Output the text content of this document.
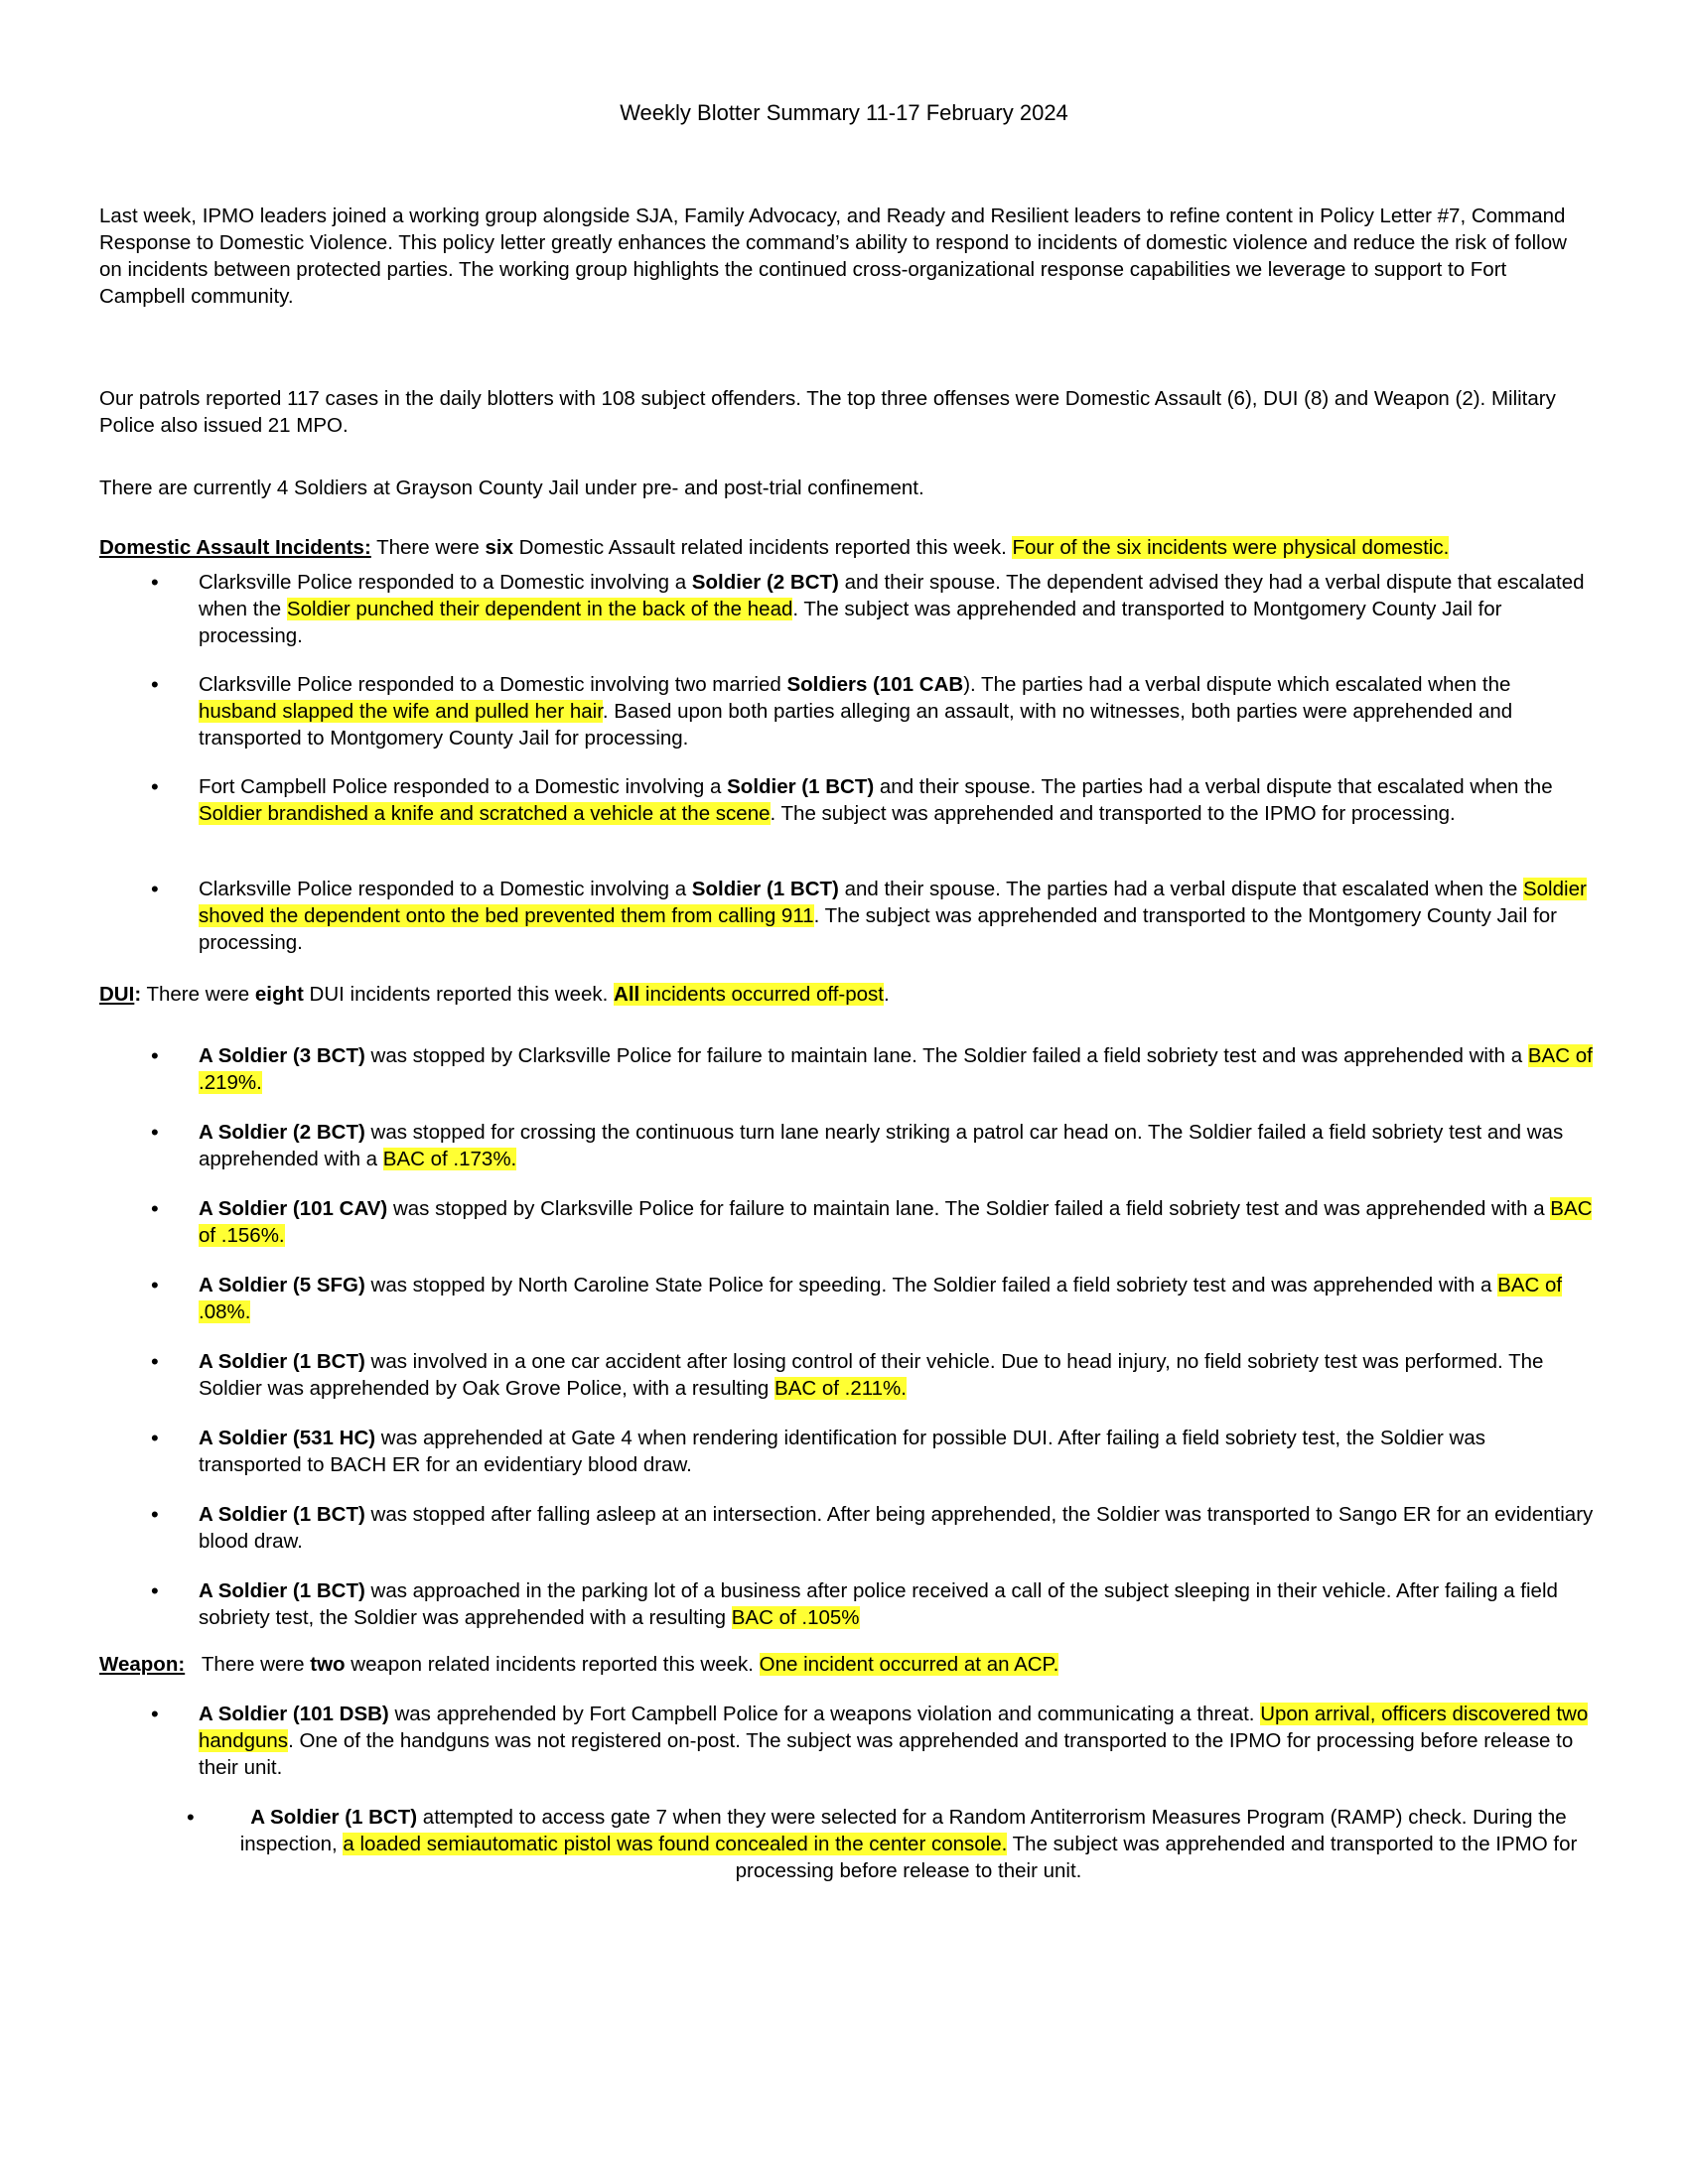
Weekly Blotter Summary 11-17 February 2024

Last week, IPMO leaders joined a working group alongside SJA, Family Advocacy, and Ready and Resilient leaders to refine content in Policy Letter #7, Command Response to Domestic Violence. This policy letter greatly enhances the command’s ability to respond to incidents of domestic violence and reduce the risk of follow on incidents between protected parties. The working group highlights the continued cross-organizational response capabilities we leverage to support to Fort Campbell community.

Our patrols reported 117 cases in the daily blotters with 108 subject offenders. The top three offenses were Domestic Assault (6), DUI (8) and Weapon (2). Military Police also issued 21 MPO.

There are currently 4 Soldiers at Grayson County Jail under pre- and post-trial confinement.

Domestic Assault Incidents: There were six Domestic Assault related incidents reported this week. Four of the six incidents were physical domestic.

•

Clarksville Police responded to a Domestic involving a Soldier (2 BCT) and their spouse. The dependent advised they had a verbal dispute that escalated when the Soldier punched their dependent in the back of the head. The subject was apprehended and transported to Montgomery County Jail for processing.

•

Clarksville Police responded to a Domestic involving two married Soldiers (101 CAB). The parties had a verbal dispute which escalated when the husband slapped the wife and pulled her hair. Based upon both parties alleging an assault, with no witnesses, both parties were apprehended and transported to Montgomery County Jail for processing.

•

Fort Campbell Police responded to a Domestic involving a Soldier (1 BCT) and their spouse. The parties had a verbal dispute that escalated when the Soldier brandished a knife and scratched a vehicle at the scene. The subject was apprehended and transported to the IPMO for processing.

•

Clarksville Police responded to a Domestic involving a Soldier (1 BCT) and their spouse. The parties had a verbal dispute that escalated when the Soldier shoved the dependent onto the bed prevented them from calling 911. The subject was apprehended and transported to the Montgomery County Jail for processing.

DUI: There were eight DUI incidents reported this week. All incidents occurred off-post.

•

A Soldier (3 BCT) was stopped by Clarksville Police for failure to maintain lane. The Soldier failed a field sobriety test and was apprehended with a BAC of .219%.

•

A Soldier (2 BCT) was stopped for crossing the continuous turn lane nearly striking a patrol car head on. The Soldier failed a field sobriety test and was apprehended with a BAC of .173%.

•

A Soldier (101 CAV) was stopped by Clarksville Police for failure to maintain lane. The Soldier failed a field sobriety test and was apprehended with a BAC of .156%.

•

A Soldier (5 SFG) was stopped by North Caroline State Police for speeding. The Soldier failed a field sobriety test and was apprehended with a BAC of .08%.

•

A Soldier (1 BCT) was involved in a one car accident after losing control of their vehicle. Due to head injury, no field sobriety test was performed. The Soldier was apprehended by Oak Grove Police, with a resulting BAC of .211%.

•

A Soldier (531 HC) was apprehended at Gate 4 when rendering identification for possible DUI. After failing a field sobriety test, the Soldier was transported to BACH ER for an evidentiary blood draw.

•

A Soldier (1 BCT) was stopped after falling asleep at an intersection. After being apprehended, the Soldier was transported to Sango ER for an evidentiary blood draw.

•

A Soldier (1 BCT) was approached in the parking lot of a business after police received a call of the subject sleeping in their vehicle. After failing a field sobriety test, the Soldier was apprehended with a resulting BAC of .105%

Weapon:   There were two weapon related incidents reported this week. One incident occurred at an ACP.

•

A Soldier (101 DSB) was apprehended by Fort Campbell Police for a weapons violation and communicating a threat. Upon arrival, officers discovered two handguns. One of the handguns was not registered on-post. The subject was apprehended and transported to the IPMO for processing before release to their unit.

•

A Soldier (1 BCT) attempted to access gate 7 when they were selected for a Random Antiterrorism Measures Program (RAMP) check. During the inspection, a loaded semiautomatic pistol was found concealed in the center console. The subject was apprehended and transported to the IPMO for processing before release to their unit.
